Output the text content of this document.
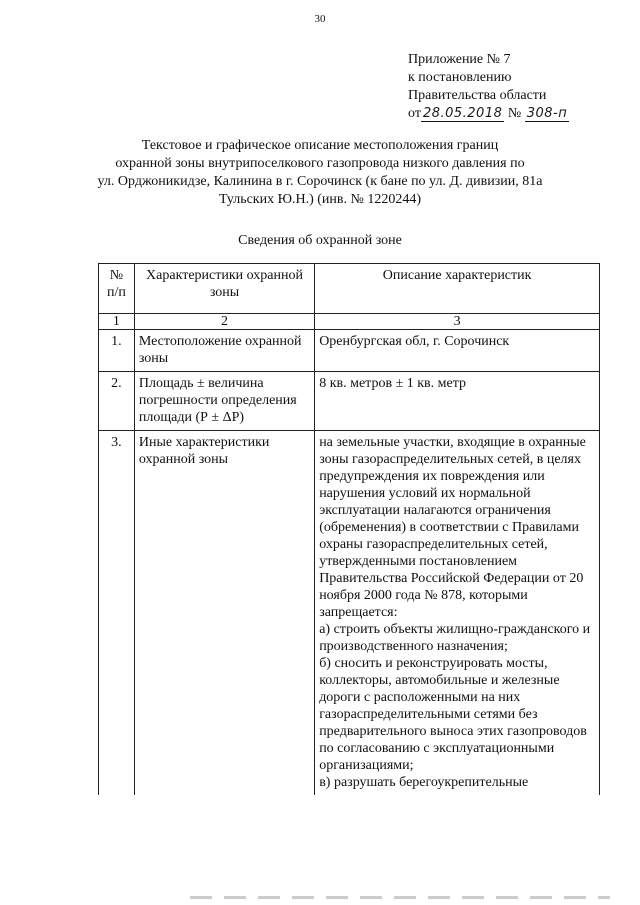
30
Приложение № 7
к постановлению
Правительства области
от 28.05.2018 № 308-п
Текстовое и графическое описание местоположения границ
охранной зоны внутрипоселкового газопровода низкого давления по
ул. Орджоникидзе, Калинина в г. Сорочинск (к бане по ул. Д. дивизии, 81а
Тульских Ю.Н.) (инв. № 1220244)
Сведения об охранной зоне
№ п/п	Характеристики охранной зоны	Описание характеристик
1	2	3
1.	Местоположение охранной зоны	Оренбургская обл, г. Сорочинск

2.	Площадь ± величина погрешности определения площади (Р ± ΔР)	8 кв. метров ± 1 кв. метр

3.	Иные характеристики охранной зоны	на земельные участки, входящие в охранные зоны газораспределительных сетей, в целях предупреждения их повреждения или нарушения условий их нормальной эксплуатации налагаются ограничения (обременения) в соответствии с Правилами охраны газораспределительных сетей, утвержденными постановлением Правительства Российской Федерации от 20 ноября 2000 года № 878, которыми запрещается:
а) строить объекты жилищно-гражданского и производственного назначения;
б) сносить и реконструировать мосты, коллекторы, автомобильные и железные дороги с расположенными на них газораспределительными сетями без предварительного выноса этих газопроводов по согласованию с эксплуатационными организациями;
в) разрушать берегоукрепительные
